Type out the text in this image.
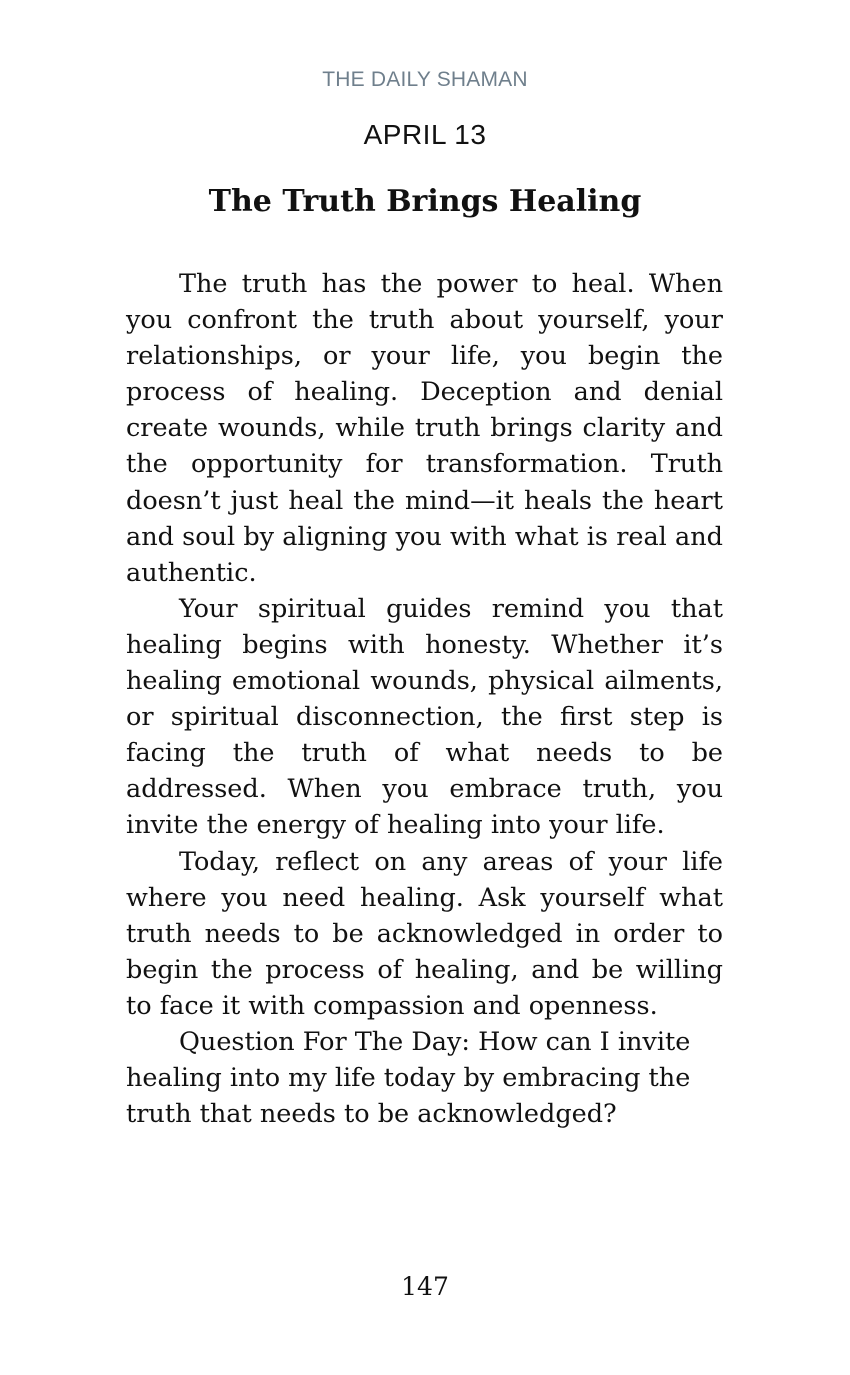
THE DAILY SHAMAN
APRIL 13
The Truth Brings Healing

The truth has the power to heal. When you confront the truth about yourself, your relationships, or your life, you begin the process of healing. Deception and denial create wounds, while truth brings clarity and the opportunity for transformation. Truth doesn’t just heal the mind—it heals the heart and soul by aligning you with what is real and authentic.

Your spiritual guides remind you that healing begins with honesty. Whether it’s healing emotional wounds, physical ailments, or spiritual disconnection, the first step is facing the truth of what needs to be addressed. When you embrace truth, you invite the energy of healing into your life.

Today, reflect on any areas of your life where you need healing. Ask yourself what truth needs to be acknowledged in order to begin the process of healing, and be willing to face it with compassion and openness.

Question For The Day: How can I invite healing into my life today by embracing the truth that needs to be acknowledged?

147
